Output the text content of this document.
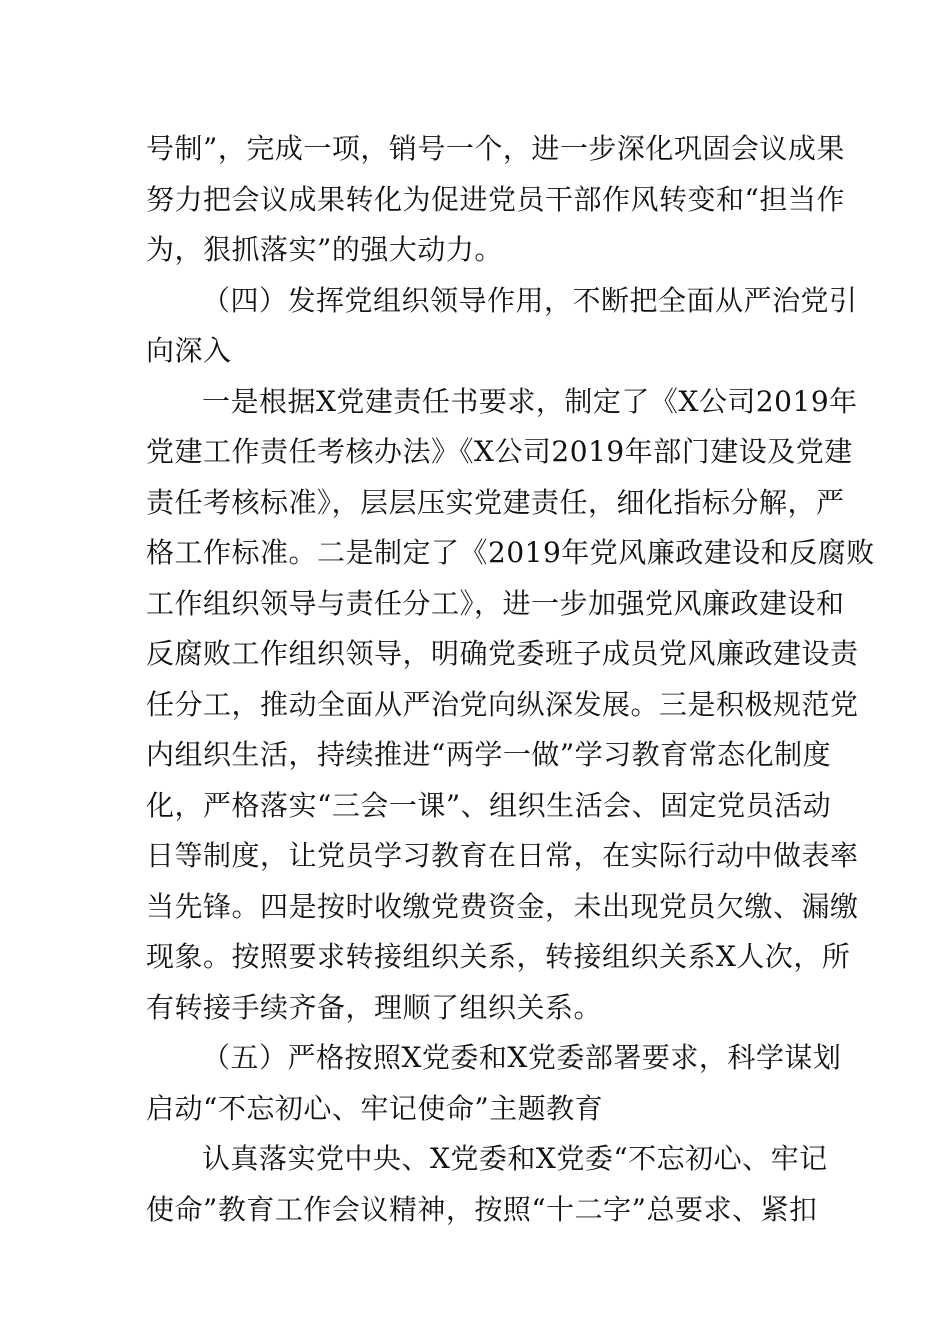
号制”，完成一项，销号一个，进一步深化巩固会议成果
努力把会议成果转化为促进党员干部作风转变和“担当作
为，狠抓落实”的强大动力。
（四）发挥党组织领导作用，不断把全面从严治党引
向深入
一是根据X党建责任书要求，制定了《X公司2019年
党建工作责任考核办法》《X公司2019年部门建设及党建
责任考核标准》，层层压实党建责任，细化指标分解，严
格工作标准。二是制定了《2019年党风廉政建设和反腐败
工作组织领导与责任分工》，进一步加强党风廉政建设和
反腐败工作组织领导，明确党委班子成员党风廉政建设责
任分工，推动全面从严治党向纵深发展。三是积极规范党
内组织生活，持续推进“两学一做”学习教育常态化制度
化，严格落实“三会一课”、组织生活会、固定党员活动
日等制度，让党员学习教育在日常，在实际行动中做表率
当先锋。四是按时收缴党费资金，未出现党员欠缴、漏缴
现象。按照要求转接组织关系，转接组织关系X人次，所
有转接手续齐备，理顺了组织关系。
（五）严格按照X党委和X党委部署要求，科学谋划
启动“不忘初心、牢记使命”主题教育
认真落实党中央、X党委和X党委“不忘初心、牢记
使命”教育工作会议精神，按照“十二字”总要求、紧扣
